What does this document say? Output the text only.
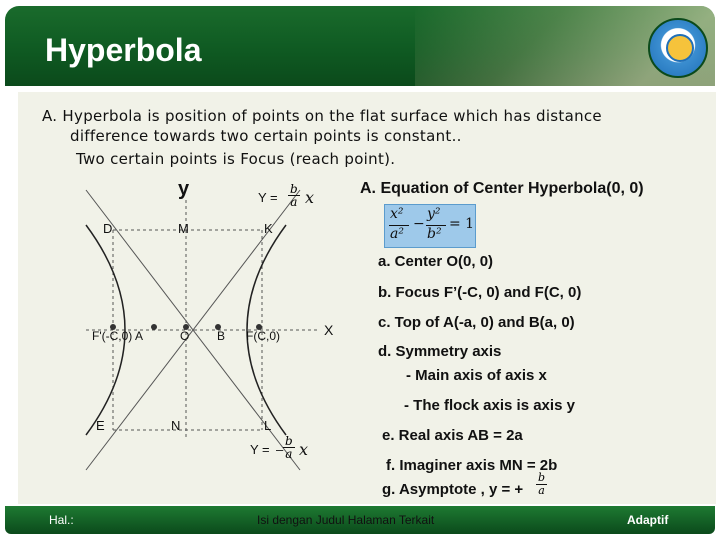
Hyperbola
A. Hyperbola is position of points on the flat surface which has distance
difference towards two certain points is constant..
Two certain points is Focus (reach point).
y
X
$Y = \frac{b}{a}$ x
Y = – $\frac{b}{a}$ x
D	M	K
E	N	L
F'(-C,0) A	O B F(C,0)
A. Equation of Center Hyperbola(0, 0)
x²
a²
−
y²
b²
= 1
a. Center O(0, 0)
b. Focus F’(-C, 0) and F(C, 0)
c. Top of A(-a, 0) and B(a, 0)
d. Symmetry axis
- Main axis of axis x
- The flock axis is axis y
e. Real axis AB = 2a
f. Imaginer axis MN = 2b
g. Asymptote , y = + $\frac{b}{a}$
Hal.:	Isi dengan Judul Halaman Terkait	Adaptif
